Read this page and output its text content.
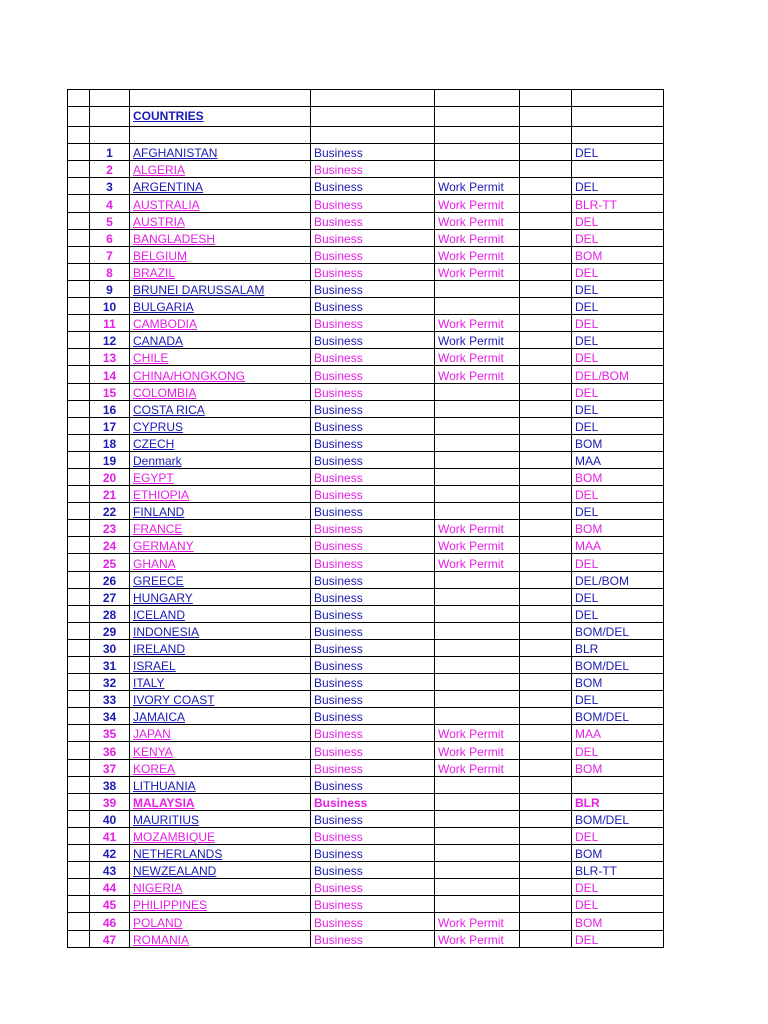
		COUNTRIES				

	1	AFGHANISTAN	Business			DEL
	2	ALGERIA	Business			
	3	ARGENTINA	Business	Work Permit		DEL
	4	AUSTRALIA	Business	Work Permit		BLR-TT
	5	AUSTRIA	Business	Work Permit		DEL
	6	BANGLADESH	Business	Work Permit		DEL
	7	BELGIUM	Business	Work Permit		BOM
	8	BRAZIL	Business	Work Permit		DEL
	9	BRUNEI DARUSSALAM	Business			DEL
	10	BULGARIA	Business			DEL
	11	CAMBODIA	Business	Work Permit		DEL
	12	CANADA	Business	Work Permit		DEL
	13	CHILE	Business	Work Permit		DEL
	14	CHINA/HONGKONG	Business	Work Permit		DEL/BOM
	15	COLOMBIA	Business			DEL
	16	COSTA RICA	Business			DEL
	17	CYPRUS	Business			DEL
	18	CZECH	Business			BOM
	19	Denmark	Business			MAA
	20	EGYPT	Business			BOM
	21	ETHIOPIA	Business			DEL
	22	FINLAND	Business			DEL
	23	FRANCE	Business	Work Permit		BOM
	24	GERMANY	Business	Work Permit		MAA
	25	GHANA	Business	Work Permit		DEL
	26	GREECE	Business			DEL/BOM
	27	HUNGARY	Business			DEL
	28	ICELAND	Business			DEL
	29	INDONESIA	Business			BOM/DEL
	30	IRELAND	Business			BLR
	31	ISRAEL	Business			BOM/DEL
	32	ITALY	Business			BOM
	33	IVORY COAST	Business			DEL
	34	JAMAICA	Business			BOM/DEL
	35	JAPAN	Business	Work Permit		MAA
	36	KENYA	Business	Work Permit		DEL
	37	KOREA	Business	Work Permit		BOM
	38	LITHUANIA	Business			
	39	MALAYSIA	Business			BLR
	40	MAURITIUS	Business			BOM/DEL
	41	MOZAMBIQUE	Business			DEL
	42	NETHERLANDS	Business			BOM
	43	NEWZEALAND	Business			BLR-TT
	44	NIGERIA	Business			DEL
	45	PHILIPPINES	Business			DEL
	46	POLAND	Business	Work Permit		BOM
	47	ROMANIA	Business	Work Permit		DEL
